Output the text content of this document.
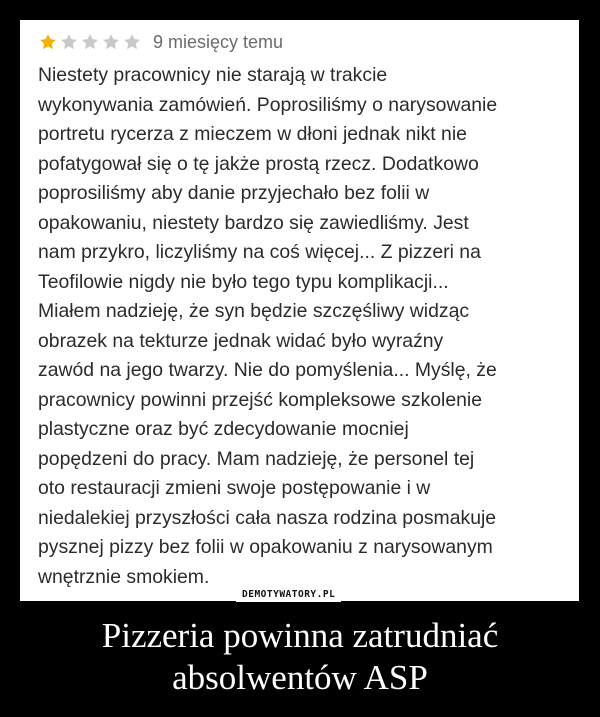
9 miesięcy temu
Niestety pracownicy nie starają w trakcie
wykonywania zamówień. Poprosiliśmy o narysowanie
portretu rycerza z mieczem w dłoni jednak nikt nie
pofatygował się o tę jakże prostą rzecz. Dodatkowo
poprosiliśmy aby danie przyjechało bez folii w
opakowaniu, niestety bardzo się zawiedliśmy. Jest
nam przykro, liczyliśmy na coś więcej... Z pizzeri na
Teofilowie nigdy nie było tego typu komplikacji...
Miałem nadzieję, że syn będzie szczęśliwy widząc
obrazek na tekturze jednak widać było wyraźny
zawód na jego twarzy. Nie do pomyślenia... Myślę, że
pracownicy powinni przejść kompleksowe szkolenie
plastyczne oraz być zdecydowanie mocniej
popędzeni do pracy. Mam nadzieję, że personel tej
oto restauracji zmieni swoje postępowanie i w
niedalekiej przyszłości cała nasza rodzina posmakuje
pysznej pizzy bez folii w opakowaniu z narysowanym
wnętrznie smokiem.
DEMOTYWATORY.PL
Pizzeria powinna zatrudniać
absolwentów ASP
